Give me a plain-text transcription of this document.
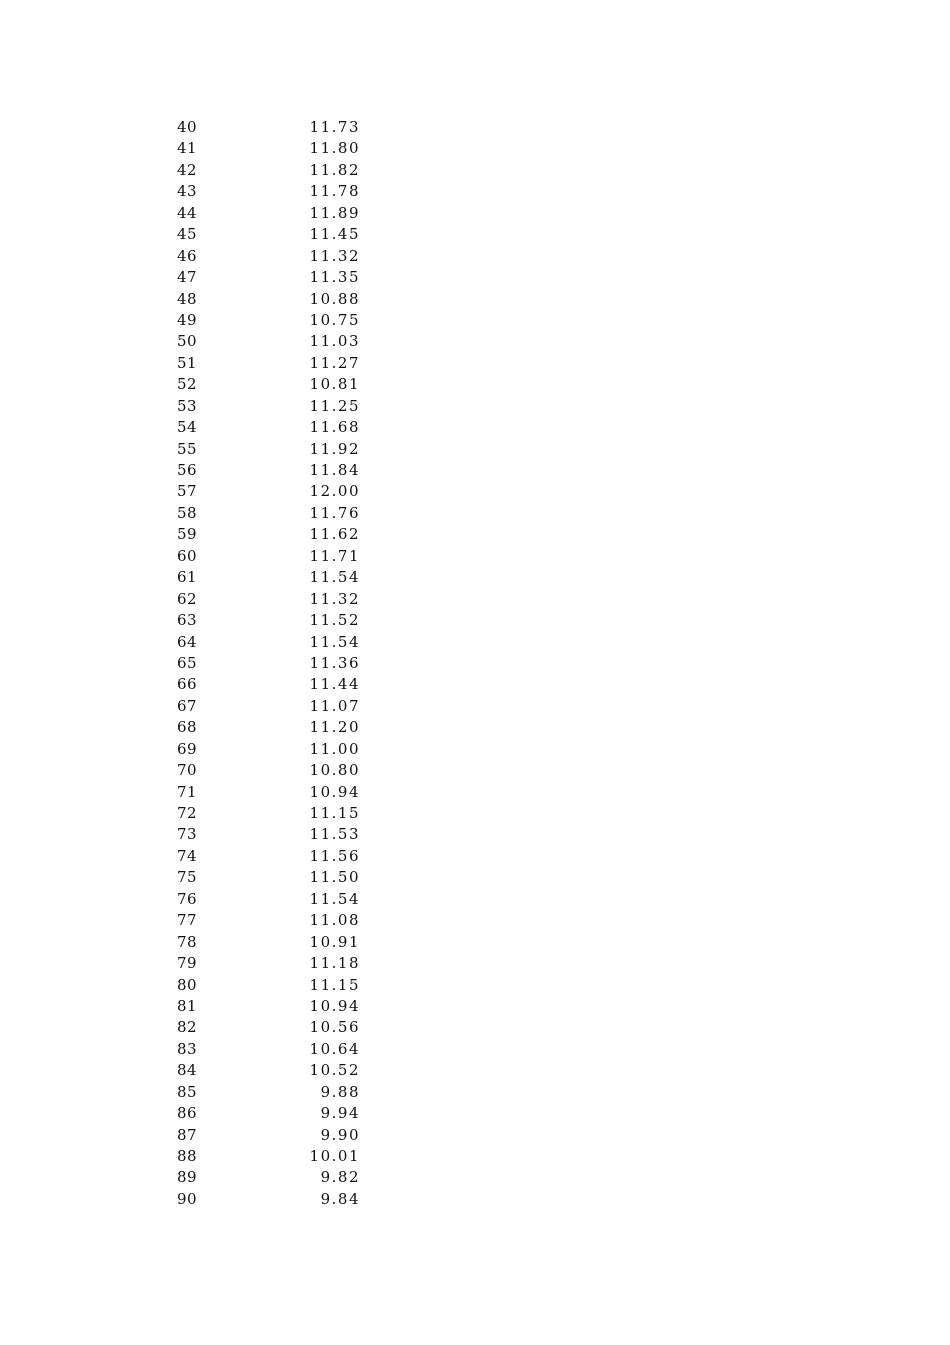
40	11.73
41	11.80
42	11.82
43	11.78
44	11.89
45	11.45
46	11.32
47	11.35
48	10.88
49	10.75
50	11.03
51	11.27
52	10.81
53	11.25
54	11.68
55	11.92
56	11.84
57	12.00
58	11.76
59	11.62
60	11.71
61	11.54
62	11.32
63	11.52
64	11.54
65	11.36
66	11.44
67	11.07
68	11.20
69	11.00
70	10.80
71	10.94
72	11.15
73	11.53
74	11.56
75	11.50
76	11.54
77	11.08
78	10.91
79	11.18
80	11.15
81	10.94
82	10.56
83	10.64
84	10.52
85	9.88
86	9.94
87	9.90
88	10.01
89	9.82
90	9.84
